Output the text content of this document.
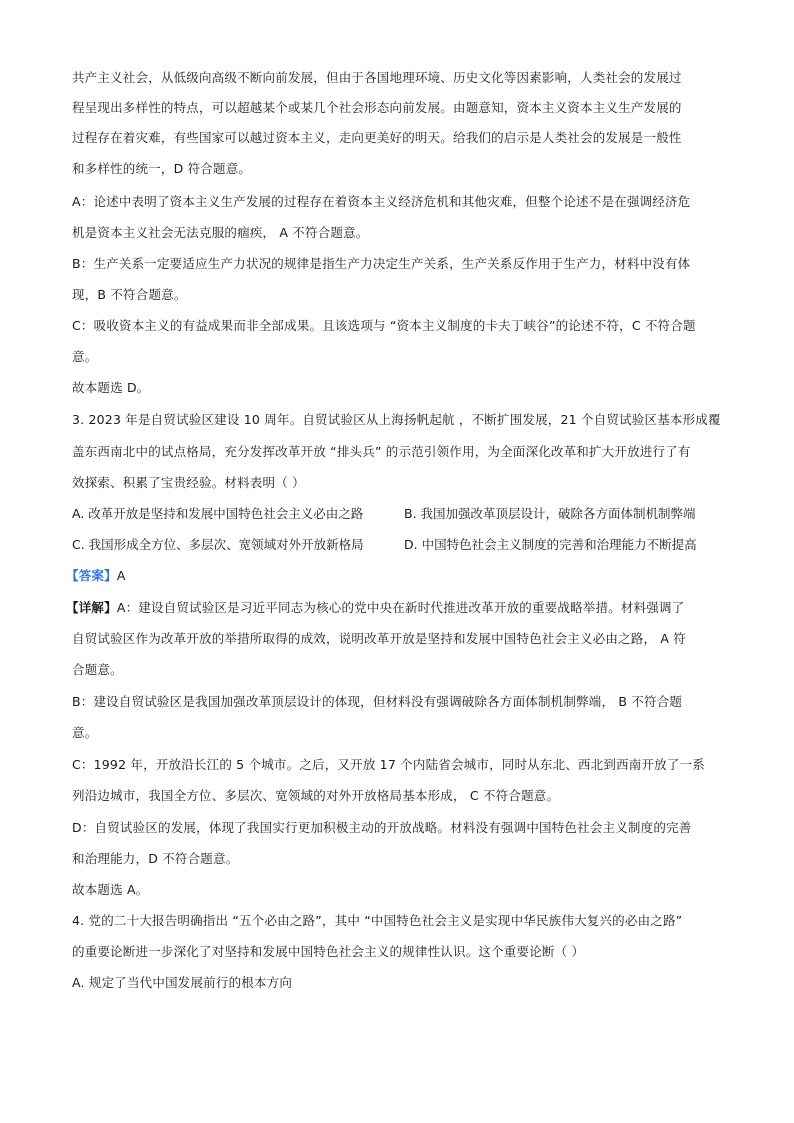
共产主义社会，从低级向高级不断向前发展，但由于各国地理环境、历史文化等因素影响，人类社会的发展过
程呈现出多样性的特点，可以超越某个或某几个社会形态向前发展。由题意知，资本主义资本主义生产发展的
过程存在着灾难，有些国家可以越过资本主义，走向更美好的明天。给我们的启示是人类社会的发展是一般性
和多样性的统一，D 符合题意。
A：论述中表明了资本主义生产发展的过程存在着资本主义经济危机和其他灾难，但整个论述不是在强调经济危
机是资本主义社会无法克服的痼疾， A 不符合题意。
B：生产关系一定要适应生产力状况的规律是指生产力决定生产关系，生产关系反作用于生产力，材料中没有体
现，B 不符合题意。
C：吸收资本主义的有益成果而非全部成果。且该选项与 “资本主义制度的卡夫丁峡谷”的论述不符，C 不符合题
意。
故本题选 D。
3. 2023 年是自贸试验区建设 10 周年。自贸试验区从上海扬帆起航 ，不断扩围发展，21 个自贸试验区基本形成覆
盖东西南北中的试点格局，充分发挥改革开放 “排头兵” 的示范引领作用，为全面深化改革和扩大开放进行了有
效探索、积累了宝贵经验。材料表明（ ）
A. 改革开放是坚持和发展中国特色社会主义必由之路	B. 我国加强改革顶层设计，破除各方面体制机制弊端
C. 我国形成全方位、多层次、宽领域对外开放新格局	D. 中国特色社会主义制度的完善和治理能力不断提高
【答案】A
【详解】A：建设自贸试验区是习近平同志为核心的党中央在新时代推进改革开放的重要战略举措。材料强调了
自贸试验区作为改革开放的举措所取得的成效，说明改革开放是坚持和发展中国特色社会主义必由之路， A 符
合题意。
B：建设自贸试验区是我国加强改革顶层设计的体现，但材料没有强调破除各方面体制机制弊端， B 不符合题
意。
C：1992 年，开放沿长江的 5 个城市。之后，又开放 17 个内陆省会城市，同时从东北、西北到西南开放了一系
列沿边城市，我国全方位、多层次、宽领域的对外开放格局基本形成， C 不符合题意。
D：自贸试验区的发展，体现了我国实行更加积极主动的开放战略。材料没有强调中国特色社会主义制度的完善
和治理能力，D 不符合题意。
故本题选 A。
4. 党的二十大报告明确指出 “五个必由之路”，其中 “中国特色社会主义是实现中华民族伟大复兴的必由之路”
的重要论断进一步深化了对坚持和发展中国特色社会主义的规律性认识。这个重要论断（ ）
A. 规定了当代中国发展前行的根本方向
